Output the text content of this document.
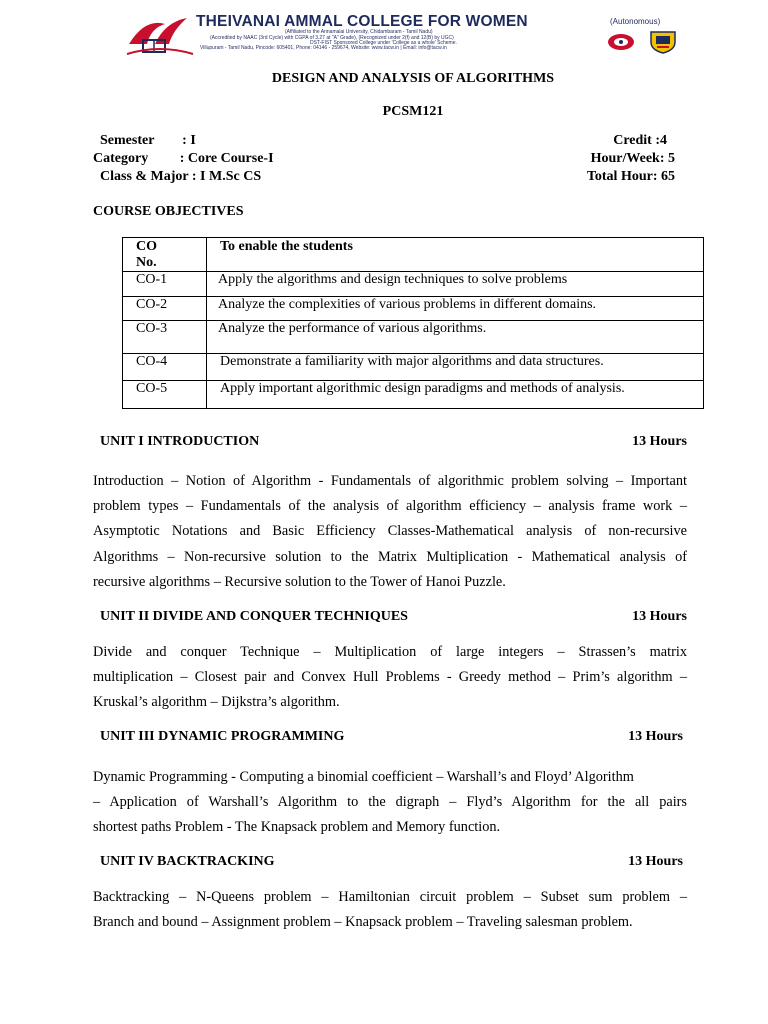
THEIVANAI AMMAL COLLEGE FOR WOMEN	(Autonomous)
(Affiliated to the Annamalai University, Chidambaram - Tamil Nadu)
(Accredited by NAAC (3rd Cycle) with CGPA of 3.27 at "A" Grade), (Recognized under 2(f) and 12(B) by UGC)
DST-FIST Sponsored College under 'College as a whole' Scheme.
Villupuram - Tamil Nadu, Pincode: 605401, Phone: 04146 - 259674, Website: www.tacw.in | Email: info@tacw.in
DESIGN AND ANALYSIS OF ALGORITHMS
PCSM121
Semester        : I
Category         : Core Course-I
Class & Major : I M.Sc CS
Credit :4
Hour/Week: 5
Total Hour: 65
COURSE OBJECTIVES
CO
No.	To enable the students
CO-1	Apply the algorithms and design techniques to solve problems
CO-2	Analyze the complexities of various problems in different domains.
CO-3	Analyze the performance of various algorithms.
CO-4	Demonstrate a familiarity with major algorithms and data structures.
CO-5	Apply important algorithmic design paradigms and methods of analysis.
UNIT I INTRODUCTION	13 Hours
Introduction – Notion of Algorithm - Fundamentals of algorithmic problem solving – Important
problem types – Fundamentals of the analysis of algorithm efficiency – analysis frame work –
Asymptotic Notations and Basic Efficiency Classes-Mathematical analysis of non-recursive
Algorithms – Non-recursive solution to the Matrix Multiplication - Mathematical analysis of
recursive algorithms – Recursive solution to the Tower of Hanoi Puzzle.
UNIT II DIVIDE AND CONQUER TECHNIQUES	13 Hours
Divide and conquer Technique – Multiplication of large integers – Strassen’s matrix
multiplication – Closest pair and Convex Hull Problems - Greedy method – Prim’s algorithm –
Kruskal’s algorithm – Dijkstra’s algorithm.
UNIT III DYNAMIC PROGRAMMING	13 Hours
Dynamic Programming - Computing a binomial coefficient – Warshall’s and Floyd’ Algorithm
– Application of Warshall’s Algorithm to the digraph – Flyd’s Algorithm for the all pairs
shortest paths Problem - The Knapsack problem and Memory function.
UNIT IV BACKTRACKING	13 Hours
Backtracking – N-Queens problem – Hamiltonian circuit problem – Subset sum problem –
Branch and bound – Assignment problem – Knapsack problem – Traveling salesman problem.
